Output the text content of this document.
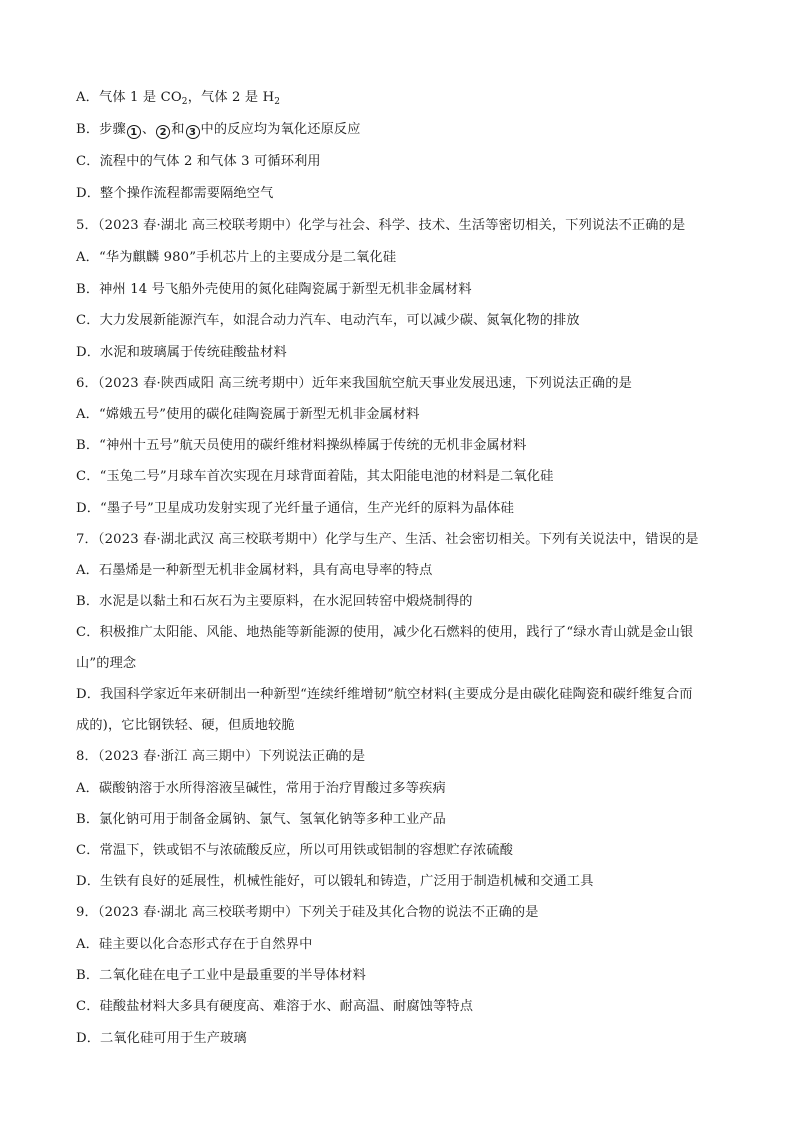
A．气体 1 是 $CO_2$，气体 2 是 $H_2$
B．步骤 1 、 2 和 3 中的反应均为氧化还原反应
C．流程中的气体 2 和气体 3 可循环利用
D．整个操作流程都需要隔绝空气
5．（2023 春·湖北 高三校联考期中）化学与社会、科学、技术、生活等密切相关，下列说法不正确的是
A．“华为麒麟 980”手机芯片上的主要成分是二氧化硅
B．神州 14 号飞船外壳使用的氮化硅陶瓷属于新型无机非金属材料
C．大力发展新能源汽车，如混合动力汽车、电动汽车，可以减少碳、氮氧化物的排放
D．水泥和玻璃属于传统硅酸盐材料
6．（2023 春·陕西咸阳 高三统考期中）近年来我国航空航天事业发展迅速，下列说法正确的是
A．“嫦娥五号”使用的碳化硅陶瓷属于新型无机非金属材料
B．“神州十五号”航天员使用的碳纤维材料操纵棒属于传统的无机非金属材料
C．“玉兔二号”月球车首次实现在月球背面着陆，其太阳能电池的材料是二氧化硅
D．“墨子号”卫星成功发射实现了光纤量子通信，生产光纤的原料为晶体硅
7．（2023 春·湖北武汉 高三校联考期中）化学与生产、生活、社会密切相关。下列有关说法中，错误的是
A．石墨烯是一种新型无机非金属材料，具有高电导率的特点
B．水泥是以黏土和石灰石为主要原料，在水泥回转窑中煅烧制得的
C．积极推广太阳能、风能、地热能等新能源的使用，减少化石燃料的使用，践行了“绿水青山就是金山银
山”的理念
D．我国科学家近年来研制出一种新型“连续纤维增韧”航空材料(主要成分是由碳化硅陶瓷和碳纤维复合而
成的)，它比钢铁轻、硬，但质地较脆
8．（2023 春·浙江 高三期中）下列说法正确的是
A．碳酸钠溶于水所得溶液呈碱性，常用于治疗胃酸过多等疾病
B．氯化钠可用于制备金属钠、氯气、氢氧化钠等多种工业产品
C．常温下，铁或铝不与浓硫酸反应，所以可用铁或铝制的容想贮存浓硫酸
D．生铁有良好的延展性，机械性能好，可以锻轧和铸造，广泛用于制造机械和交通工具
9．（2023 春·湖北 高三校联考期中）下列关于硅及其化合物的说法不正确的是
A．硅主要以化合态形式存在于自然界中
B．二氧化硅在电子工业中是最重要的半导体材料
C．硅酸盐材料大多具有硬度高、难溶于水、耐高温、耐腐蚀等特点
D．二氧化硅可用于生产玻璃
